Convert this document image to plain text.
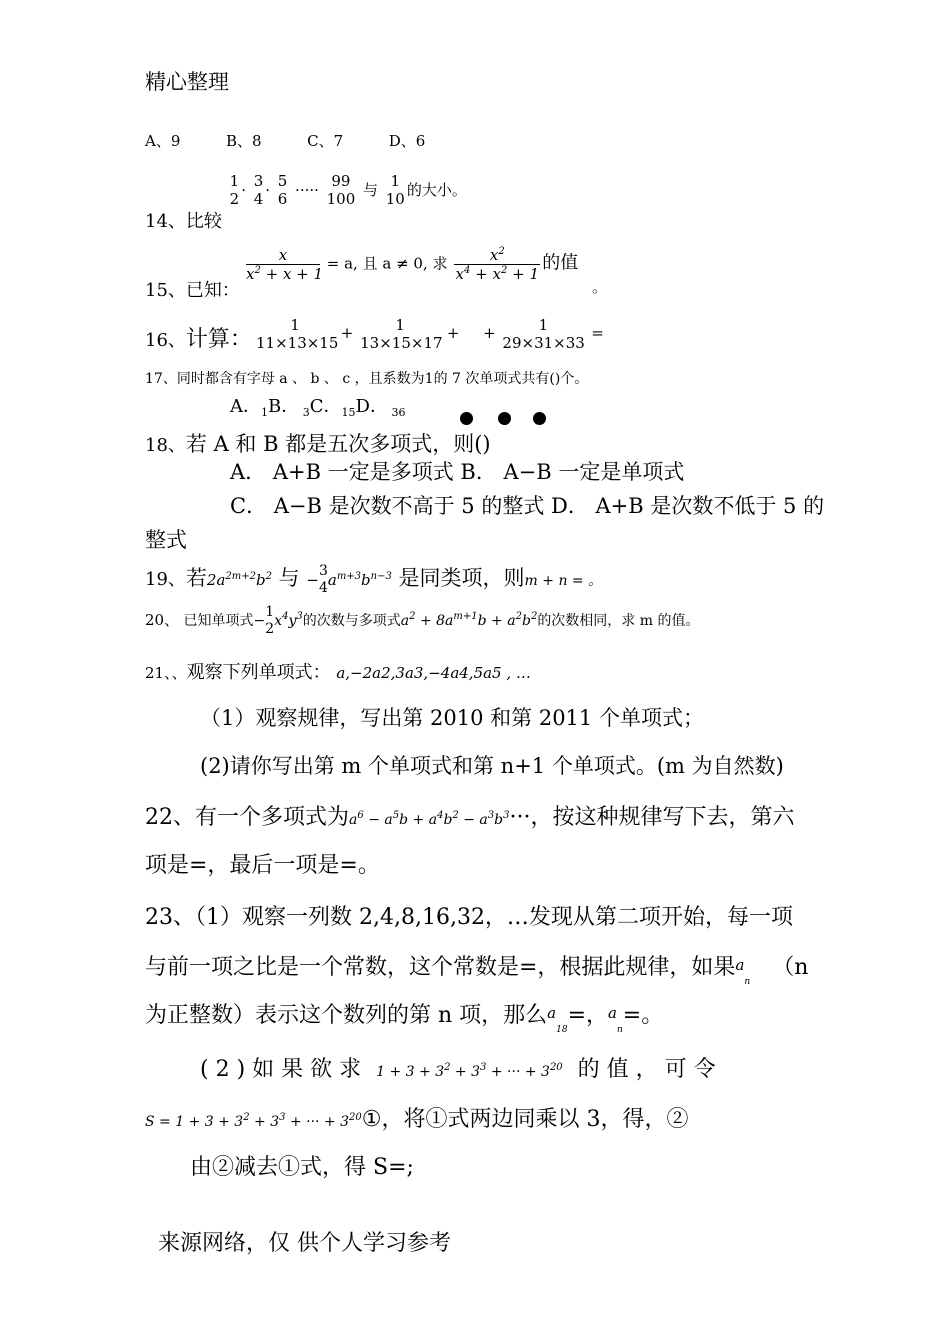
精心整理
A、9	B、8	C、7	D、6
14、比较
1
2 · 3
4 · 5
6 ····· 99
100 与 1
10 的大小。
15、已知：
$\frac{x}{x^2 + x + 1} = a$, 且 a ≠ 0, 求 $\frac{x^2}{x^4 + x^2 + 1}$ 的值
。
16、计算：
1
11×13×15
+	1
13×15×17
+ +	1
29×31×33
=
17、同时都含有字母 a 、 b 、 c ，且系数为1的 7 次单项式共有()个。
A．$_1$B． $_3$C．$_{15}$D． $_{36}$
18、若 A 和 B 都是五次多项式，则()
A． A+B 一定是多项式 B． A−B 一定是单项式
C． A−B 是次数不高于 5 的整式 D． A+B 是次数不低于 5 的
整式
19、若$2a^{2m+2}b^2$ 与 −
3
4 $a^{m+3}b^{n-3}$ 是同类项，则m + n = 。
20、 已知单项式−
1
2 $x^4y^3$的次数与多项式$a^2 + 8a^{m+1}b + a^2b^2$的次数相同，求 m 的值。
21、、观察下列单项式： a,−2a2,3a3,−4a4,5a5 , …
（1）观察规律，写出第 2010 和第 2011 个单项式；
(2)请你写出第 m 个单项式和第 n+1 个单项式。(m 为自然数)
22、有一个多项式为$a^6 - a^5b + a^4b^2 - a^3b^3\cdot\cdot\cdot$，按这种规律写下去，第六
项是=，最后一项是=。
23、（1）观察一列数 2,4,8,16,32，…发现从第二项开始，每一项
与前一项之比是一个常数，这个常数是=，根据此规律，如果$a_n(n$
为正整数）表示这个数列的第 n 项，那么$a_{18}=$，$a_n=$。
( 2 ) 如 果 欲 求 $1 + 3 + 3^2 + 3^3$ + ··· + $3^{20}$ 的 值 ， 可 令
$S = 1 + 3 + 3^2 + 3^3$ + ··· + $3^{20}①$，将①式两边同乘以 3，得，②
由②减去①式，得 S=;
来源网络，仅 供个人学习参考
